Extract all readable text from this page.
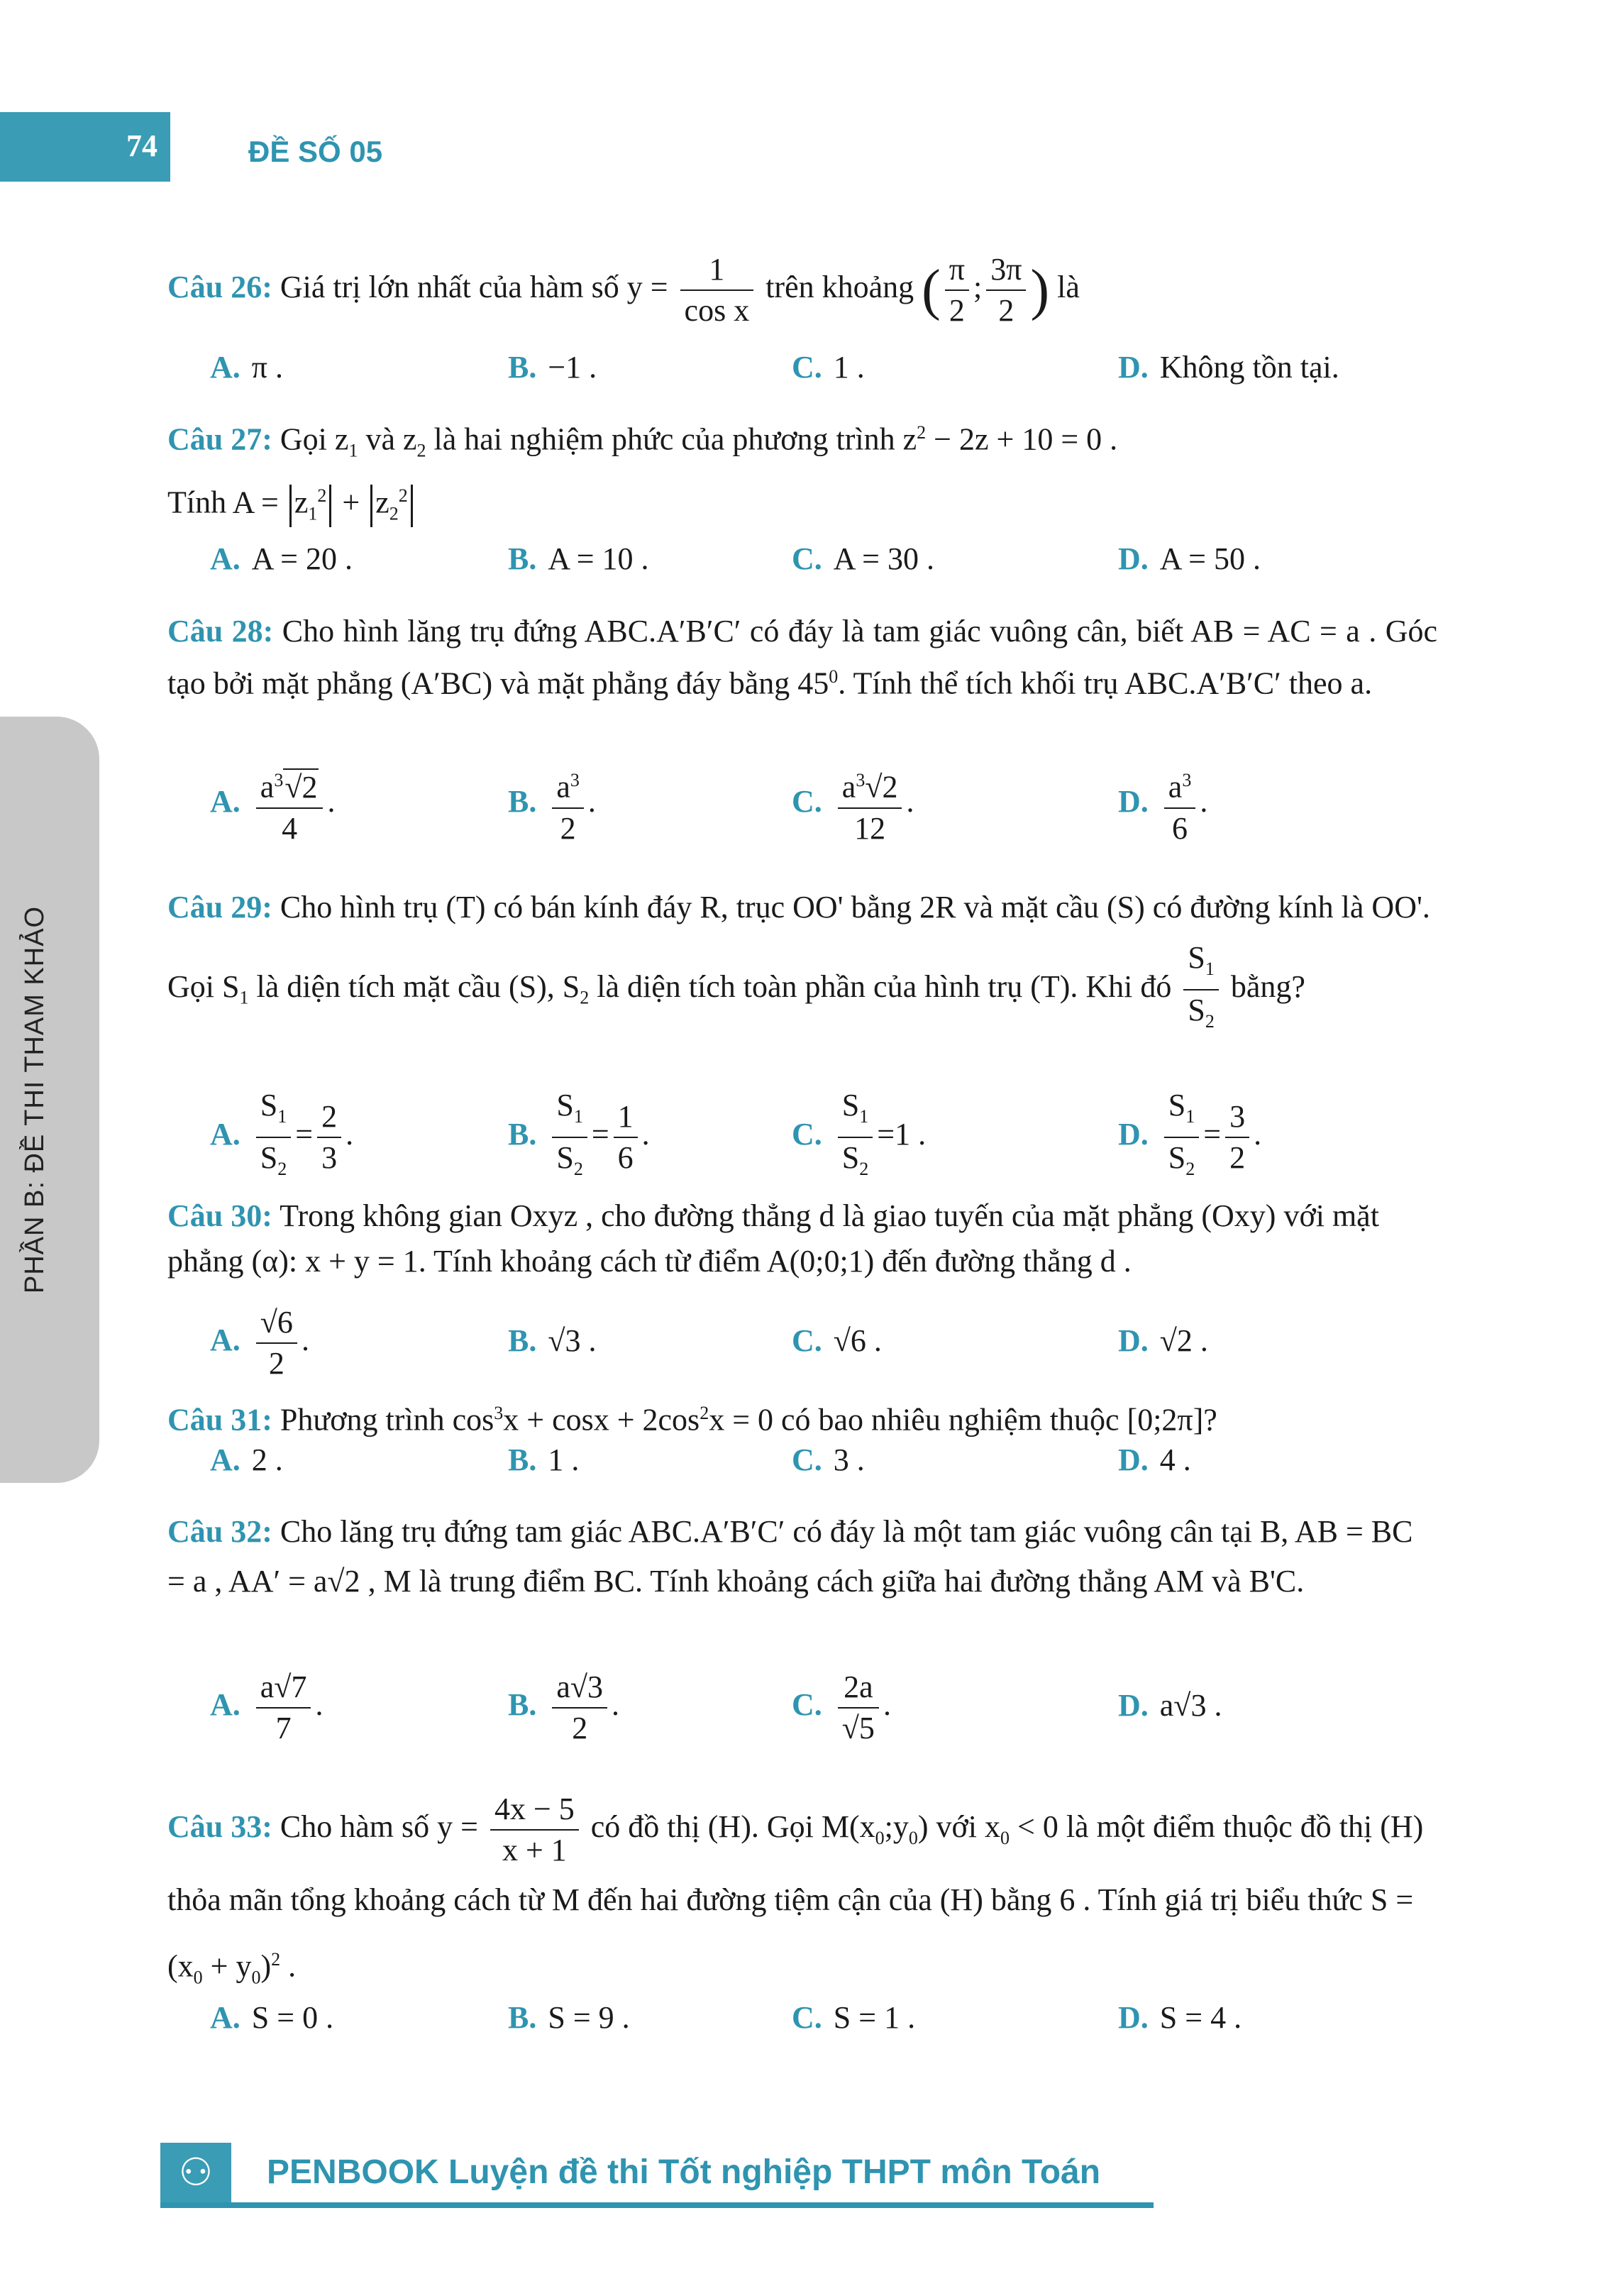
74	ĐỀ SỐ 05
PHẦN B: ĐỀ THI THAM KHẢO
Câu 26: Giá trị lớn nhất của hàm số $y = \frac{1}{\text{cos x}}$ trên khoảng ( $\frac{\pi}{2}$ ; $\frac{3\pi}{2}$ ) là
A. π .	B. −1 .	C. 1 .	D. Không tồn tại.
Câu 27: Gọi $z_1$ và $z_2$ là hai nghiệm phức của phương trình $z^2 - 2z + 10 = 0$ .
Tính $A = z_1^2 + z_2^2$
A. A = 20 .	B. A = 10 .	C. A = 30 .	D. A = 50 .
Câu 28: Cho hình lăng trụ đứng ABC.A′B′C′ có đáy là tam giác vuông cân, biết AB = AC = a . Góc tạo bởi mặt phẳng (A′BC) và mặt phẳng đáy bằng $45^0$. Tính thể tích khối trụ ABC.A′B′C′ theo a.
A. $\frac{a^3√2}{4}$ .	B. $\frac{a^3}{2}$ .	C. $\frac{a^3√2}{12}$ .	D. $\frac{a^3}{6}$ .
Câu 29: Cho hình trụ (T) có bán kính đáy R, trục OO' bằng 2R và mặt cầu (S) có đường kính là OO'. Gọi $S_1$ là diện tích mặt cầu (S), $S_2$ là diện tích toàn phần của hình trụ (T). Khi đó $\frac{S_1}{S_2}$ bằng?
A. $\frac{S_1}{S_2} = \frac{2}{3}$ .	B. $\frac{S_1}{S_2} = \frac{1}{6}$ .	C. $\frac{S_1}{S_2} =1$ .	D. $\frac{S_1}{S_2} = \frac{3}{2}$ .
Câu 30: Trong không gian Oxyz , cho đường thẳng d là giao tuyến của mặt phẳng (Oxy) với mặt phẳng (α): x + y = 1. Tính khoảng cách từ điểm A(0;0;1) đến đường thẳng d .
A. $\frac{√6}{2}$ .	B. √3 .	C. √6 .	D. √2 .
Câu 31: Phương trình $\cos^3x + \cos x + 2\cos^2x = 0$ có bao nhiêu nghiệm thuộc [0;2π]?
A. 2 .	B. 1 .	C. 3 .	D. 4 .
Câu 32: Cho lăng trụ đứng tam giác ABC.A′B′C′ có đáy là một tam giác vuông cân tại B, AB = BC = a , AA′ = a√2 , M là trung điểm BC. Tính khoảng cách giữa hai đường thẳng AM và B'C.
A. $\frac{a√7}{7}$ .	B. $\frac{a√3}{2}$ .	C. $\frac{2a}{√5}$ .	D. a√3 .
Câu 33: Cho hàm số $y = \frac{4x - 5}{x + 1}$ có đồ thị (H). Gọi $M(x_0;y_0)$ với $x_0 < 0$ là một điểm thuộc đồ thị (H) thỏa mãn tổng khoảng cách từ M đến hai đường tiệm cận của (H) bằng 6 . Tính giá trị biểu thức $S = (x_0 + y_0)^2$ .
A. S = 0 .	B. S = 9 .	C. S = 1 .	D. S = 4 .
⚇	PENBOOK Luyện đề thi Tốt nghiệp THPT môn Toán
